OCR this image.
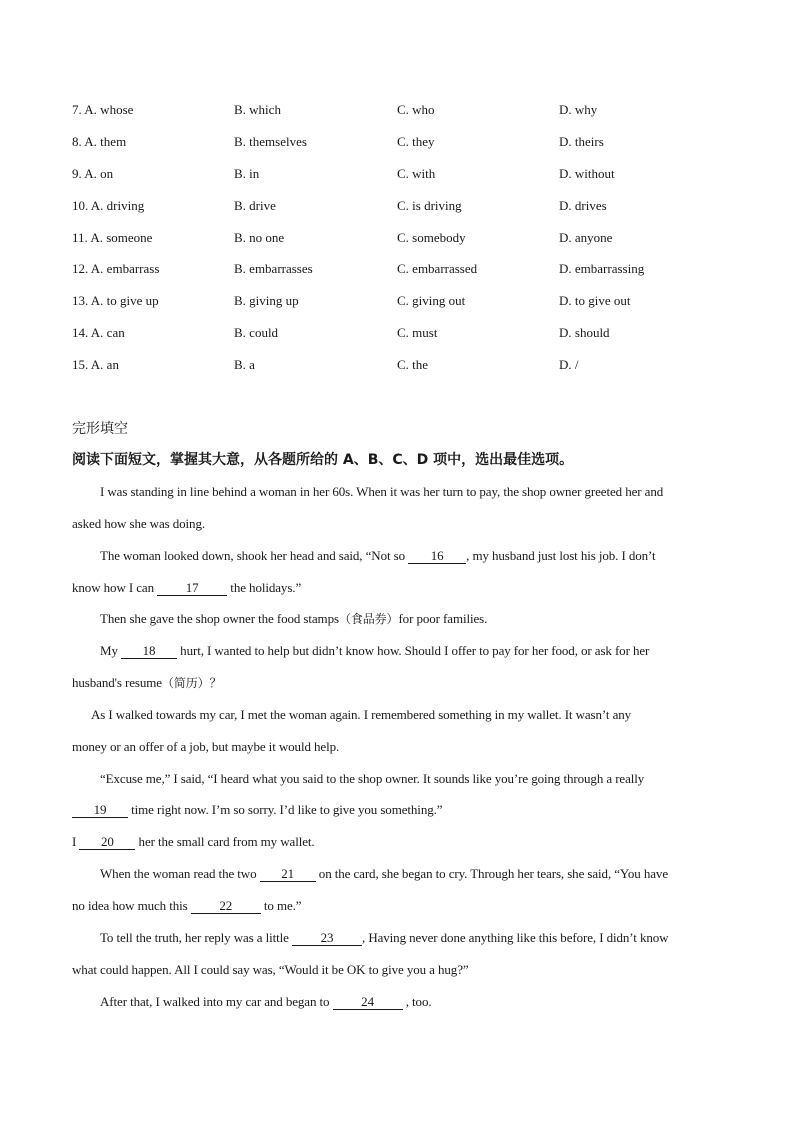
7. A. whose	B. which	C. who	D. why
8. A. them	B. themselves	C. they	D. theirs
9. A. on	B. in	C. with	D. without
10. A. driving	B. drive	C. is driving	D. drives
11. A. someone	B. no one	C. somebody	D. anyone
12. A. embarrass	B. embarrasses	C. embarrassed	D. embarrassing
13. A. to give up	B. giving up	C. giving out	D. to give out
14. A. can	B. could	C. must	D. should
15. A. an	B. a	C. the	D. /
完形填空
阅读下面短文，掌握其大意，从各题所给的 A、B、C、D 项中，选出最佳选项。
I was standing in line behind a woman in her 60s. When it was her turn to pay, the shop owner greeted her and
asked how she was doing.
The woman looked down, shook her head and said, “Not so 16 , my husband just lost his job. I don’t
know how I can 17 the holidays.”
Then she gave the shop owner the food stamps（食品券）for poor families.
My 18 hurt, I wanted to help but didn’t know how. Should I offer to pay for her food, or ask for her
husband's resume（简历）？
As I walked towards my car, I met the woman again. I remembered something in my wallet. It wasn’t any
money or an offer of a job, but maybe it would help.
“Excuse me,” I said, “I heard what you said to the shop owner. It sounds like you’re going through a really
19 time right now. I’m so sorry. I’d like to give you something.”
I 20 her the small card from my wallet.
When the woman read the two 21 on the card, she began to cry. Through her tears, she said, “You have
no idea how much this 22 to me.”
To tell the truth, her reply was a little 23 , Having never done anything like this before, I didn’t know
what could happen. All I could say was, “Would it be OK to give you a hug?”
After that, I walked into my car and began to 24 , too.
